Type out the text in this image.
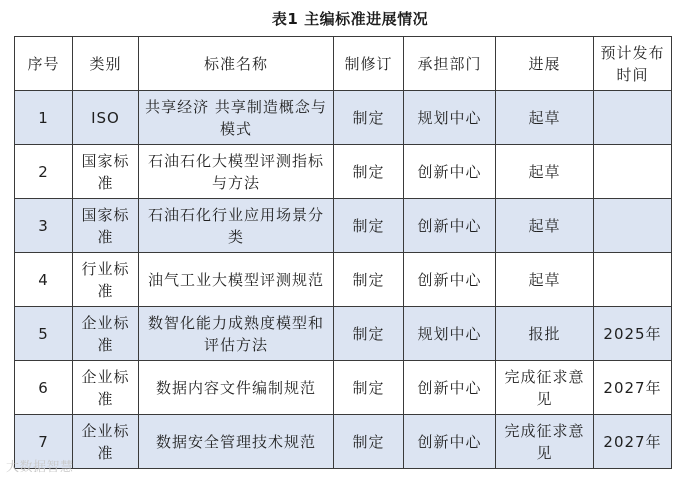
表1 主编标准进展情况
序号	类别	标准名称	制修订	承担部门	进展	预计发布时间
1	ISO	共享经济 共享制造概念与模式	制定	规划中心	起草	
2	国家标准	石油石化大模型评测指标与方法	制定	创新中心	起草	
3	国家标准	石油石化行业应用场景分类	制定	创新中心	起草	
4	行业标准	油气工业大模型评测规范	制定	创新中心	起草	
5	企业标准	数智化能力成熟度模型和评估方法	制定	规划中心	报批	2025年
6	企业标准	数据内容文件编制规范	制定	创新中心	完成征求意见	2027年
7	企业标准	数据安全管理技术规范	制定	创新中心	完成征求意见	2027年
大数据智慧
